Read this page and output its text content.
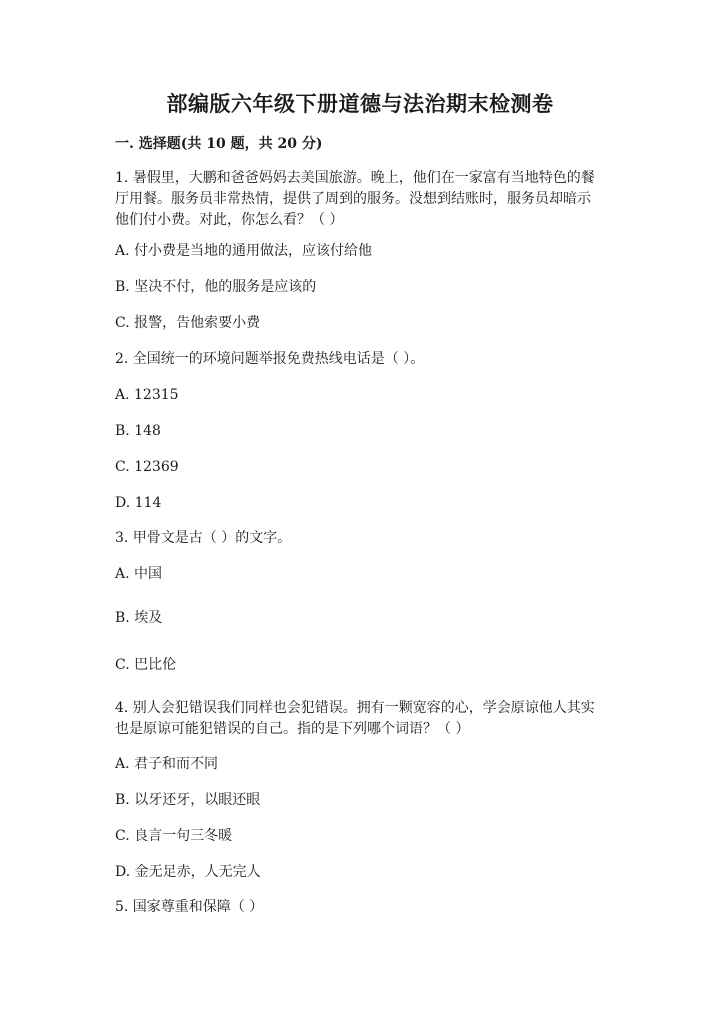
部编版六年级下册道德与法治期末检测卷
一. 选择题(共 10 题，共 20 分)
1. 暑假里，大鹏和爸爸妈妈去美国旅游。晚上，他们在一家富有当地特色的餐
厅用餐。服务员非常热情，提供了周到的服务。没想到结账时，服务员却暗示
他们付小费。对此，你怎么看？（ ）
A. 付小费是当地的通用做法，应该付给他
B. 坚决不付，他的服务是应该的
C. 报警，告他索要小费
2. 全国统一的环境问题举报免费热线电话是（ ）。
A. 12315
B. 148
C. 12369
D. 114
3. 甲骨文是古（ ）的文字。
A. 中国
B. 埃及
C. 巴比伦
4. 别人会犯错误我们同样也会犯错误。拥有一颗宽容的心，学会原谅他人其实
也是原谅可能犯错误的自己。指的是下列哪个词语？（ ）
A. 君子和而不同
B. 以牙还牙，以眼还眼
C. 良言一句三冬暖
D. 金无足赤，人无完人
5. 国家尊重和保障（ ）
